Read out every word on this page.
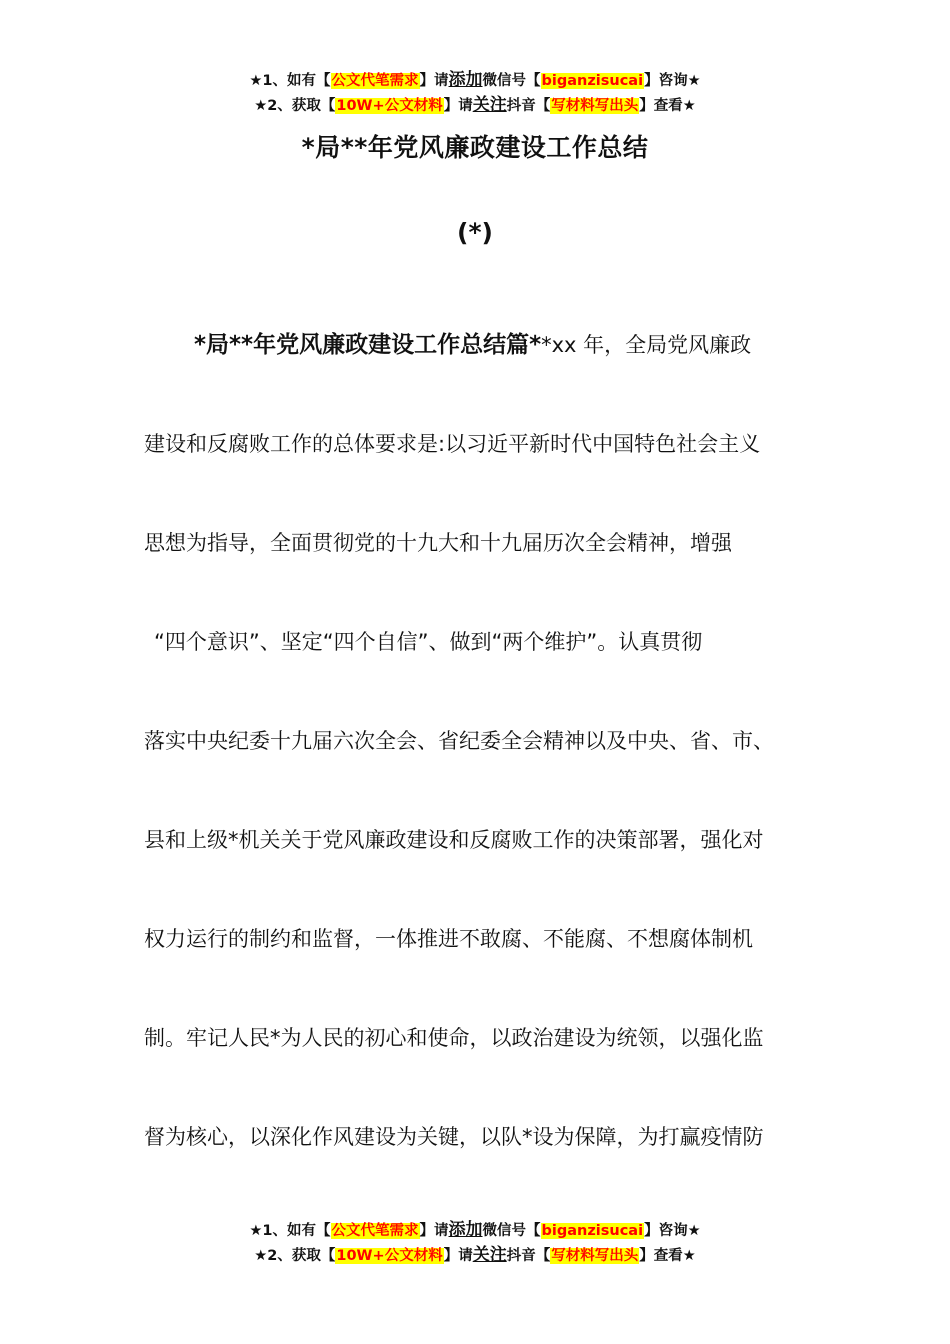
★1、如有【公文代笔需求】请添加微信号【biganzisucai】咨询★
★2、获取【10W+公文材料】请关注抖音【写材料写出头】查看★
*局**年党风廉政建设工作总结
(*)
*局**年党风廉政建设工作总结篇**xx 年，全局党风廉政
建设和反腐败工作的总体要求是:以习近平新时代中国特色社会主义
思想为指导，全面贯彻党的十九大和十九届历次全会精神，增强
“四个意识”、坚定“四个自信”、做到“两个维护”。认真贯彻
落实中央纪委十九届六次全会、省纪委全会精神以及中央、省、市、
县和上级*机关关于党风廉政建设和反腐败工作的决策部署，强化对
权力运行的制约和监督，一体推进不敢腐、不能腐、不想腐体制机
制。牢记人民*为人民的初心和使命，以政治建设为统领，以强化监
督为核心，以深化作风建设为关键，以队*设为保障，为打赢疫情防
★1、如有【公文代笔需求】请添加微信号【biganzisucai】咨询★
★2、获取【10W+公文材料】请关注抖音【写材料写出头】查看★
